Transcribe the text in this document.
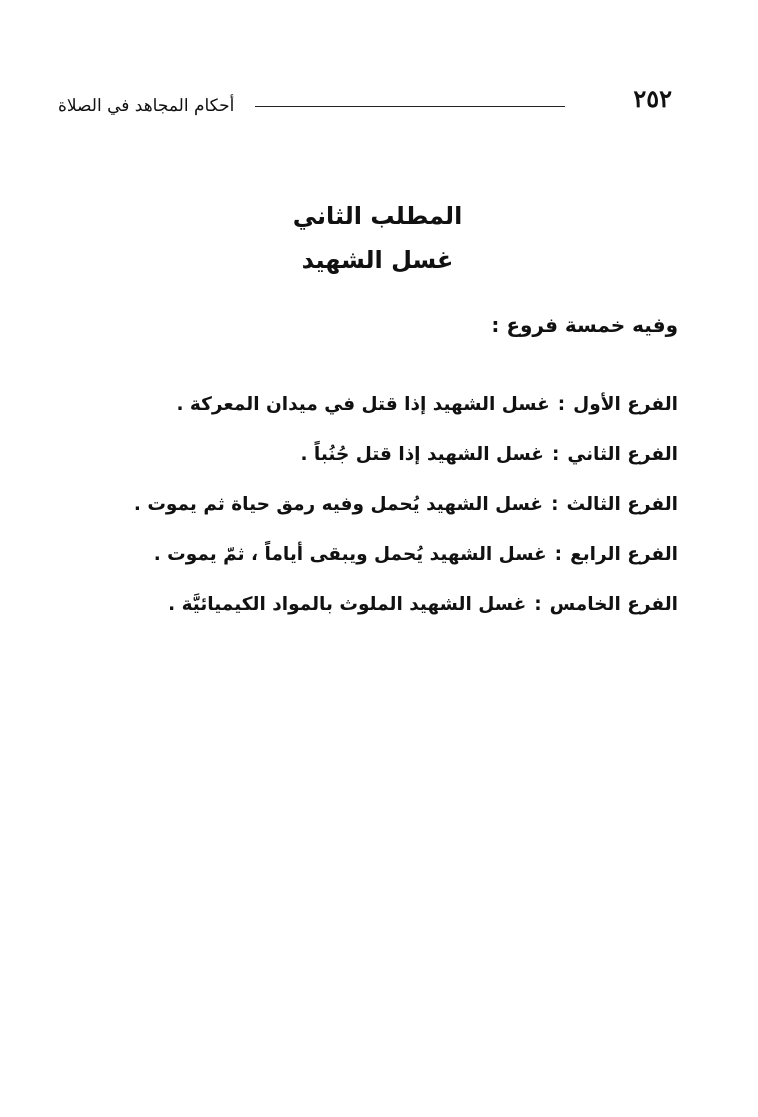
٢٥٢
أحكام المجاهد في الصلاة
المطلب الثاني
غسل الشهيد
وفيه خمسة فروع :
الفرع الأول:غسل الشهيد إذا قتل في ميدان المعركة .
الفرع الثاني:غسل الشهيد إذا قتل جُنُباً .
الفرع الثالث:غسل الشهيد يُحمل وفيه رمق حياة ثم يموت .
الفرع الرابع:غسل الشهيد يُحمل ويبقى أياماً ، ثمّ يموت .
الفرع الخامس:غسل الشهيد الملوث بالمواد الكيميائيَّة .
